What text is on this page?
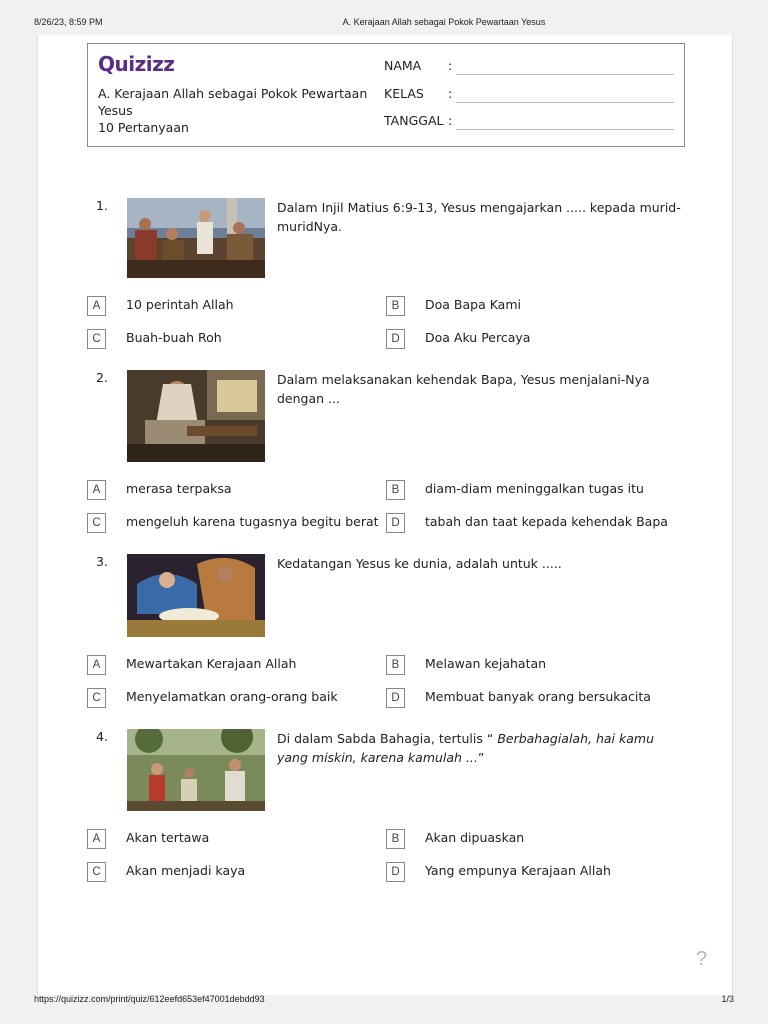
8/26/23, 8:59 PM	A. Kerajaan Allah sebagai Pokok Pewartaan Yesus
Quizizz
A. Kerajaan Allah sebagai Pokok Pewartaan Yesus
10 Pertanyaan
NAMA :
KELAS :
TANGGAL :
1.	Dalam Injil Matius 6:9-13, Yesus mengajarkan ..... kepada murid-muridNya.
A	10 perintah Allah	B	Doa Bapa Kami
C	Buah-buah Roh	D	Doa Aku Percaya
2.	Dalam melaksanakan kehendak Bapa, Yesus menjalani-Nya dengan ...
A	merasa terpaksa	B	diam-diam meninggalkan tugas itu
C	mengeluh karena tugasnya begitu berat	D	tabah dan taat kepada kehendak Bapa
3.	Kedatangan Yesus ke dunia, adalah untuk .....
A	Mewartakan Kerajaan Allah	B	Melawan kejahatan
C	Menyelamatkan orang-orang baik	D	Membuat banyak orang bersukacita
4.	Di dalam Sabda Bahagia, tertulis “ Berbahagialah, hai kamu yang miskin, karena kamulah ...”
A	Akan tertawa	B	Akan dipuaskan
C	Akan menjadi kaya	D	Yang empunya Kerajaan Allah
?
https://quizizz.com/print/quiz/612eefd653ef47001debdd93	1/3
